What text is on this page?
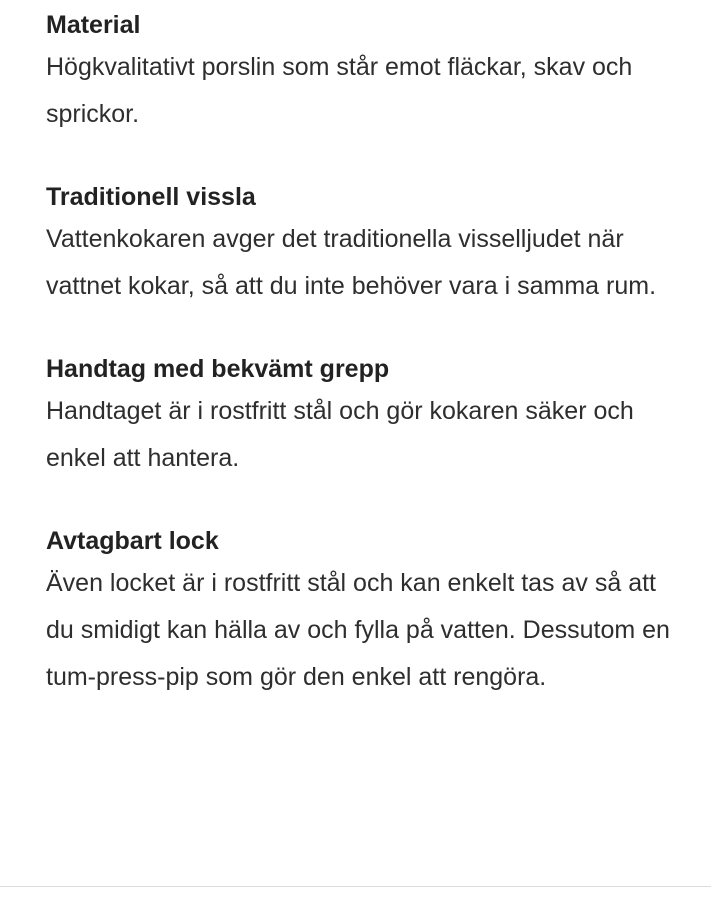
Material

Högkvalitativt porslin som står emot fläckar, skav och sprickor.

Traditionell vissla

Vattenkokaren avger det traditionella visselljudet när vattnet kokar, så att du inte behöver vara i samma rum.

Handtag med bekvämt grepp

Handtaget är i rostfritt stål och gör kokaren säker och enkel att hantera.

Avtagbart lock

Även locket är i rostfritt stål och kan enkelt tas av så att du smidigt kan hälla av och fylla på vatten. Dessutom en tum-press-pip som gör den enkel att rengöra.
